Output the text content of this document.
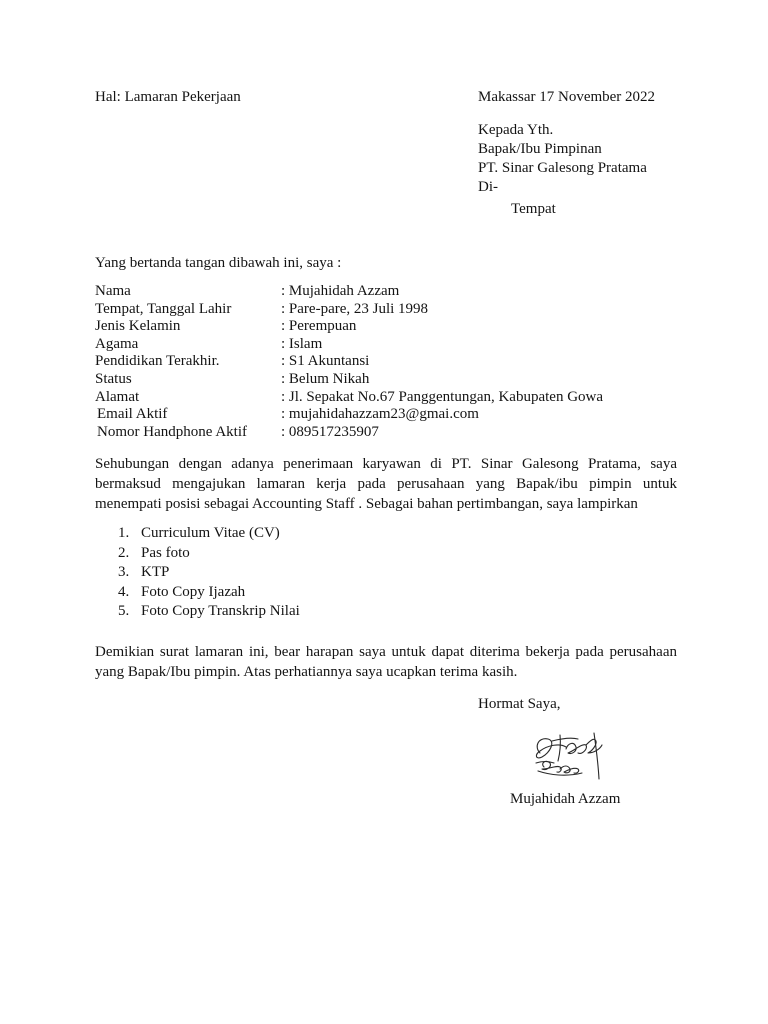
Hal: Lamaran Pekerjaan	Makassar 17 November 2022
Kepada Yth.
Bapak/Ibu Pimpinan
PT. Sinar Galesong Pratama
Di-
Tempat
Yang bertanda tangan dibawah ini, saya :
Nama	: Mujahidah Azzam
Tempat, Tanggal Lahir	: Pare-pare, 23 Juli 1998
Jenis Kelamin	: Perempuan
Agama	: Islam
Pendidikan Terakhir.	: S1 Akuntansi
Status	: Belum Nikah
Alamat	: Jl. Sepakat No.67 Panggentungan, Kabupaten Gowa
Email Aktif	: mujahidahazzam23@gmai.com
Nomor Handphone Aktif	: 089517235907
Sehubungan dengan adanya penerimaan karyawan di PT. Sinar Galesong Pratama, saya
bermaksud mengajukan lamaran kerja pada perusahaan yang Bapak/ibu pimpin untuk
menempati posisi sebagai Accounting Staff . Sebagai bahan pertimbangan, saya lampirkan
1. Curriculum Vitae (CV)
2. Pas foto
3. KTP
4. Foto Copy Ijazah
5. Foto Copy Transkrip Nilai
Demikian surat lamaran ini, bear harapan saya untuk dapat diterima bekerja pada perusahaan
yang Bapak/Ibu pimpin. Atas perhatiannya saya ucapkan terima kasih.
Hormat Saya,
Mujahidah Azzam
